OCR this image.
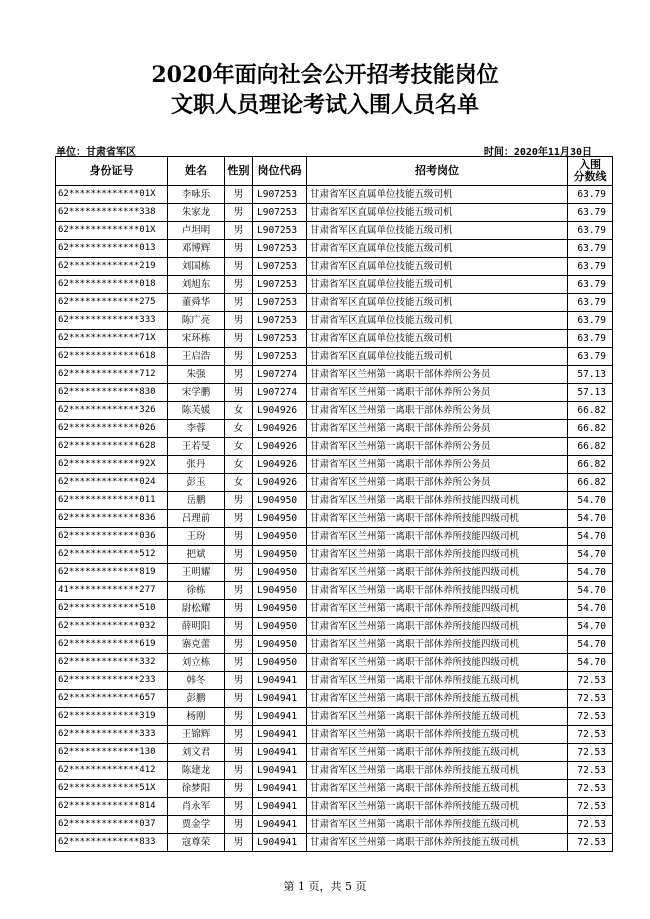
2020年面向社会公开招考技能岗位
文职人员理论考试入围人员名单
单位：甘肃省军区	时间：2020年11月30日
身份证号	姓名	性别	岗位代码	招考岗位	入围
分数线

62*************01X	李咏乐	男	L907253	甘肃省军区直属单位技能五级司机	63.79
62*************338	朱家龙	男	L907253	甘肃省军区直属单位技能五级司机	63.79
62*************01X	卢坦明	男	L907253	甘肃省军区直属单位技能五级司机	63.79
62*************013	邓博辉	男	L907253	甘肃省军区直属单位技能五级司机	63.79
62*************219	刘国栋	男	L907253	甘肃省军区直属单位技能五级司机	63.79
62*************018	刘旭东	男	L907253	甘肃省军区直属单位技能五级司机	63.79
62*************275	董舜华	男	L907253	甘肃省军区直属单位技能五级司机	63.79
62*************333	陈广亮	男	L907253	甘肃省军区直属单位技能五级司机	63.79
62*************71X	宋环栋	男	L907253	甘肃省军区直属单位技能五级司机	63.79
62*************618	王启浩	男	L907253	甘肃省军区直属单位技能五级司机	63.79
62*************712	朱强	男	L907274	甘肃省军区兰州第一离职干部休养所公务员	57.13
62*************830	宋学鹏	男	L907274	甘肃省军区兰州第一离职干部休养所公务员	57.13
62*************326	陈芙媛	女	L904926	甘肃省军区兰州第一离职干部休养所公务员	66.82
62*************026	李蓉	女	L904926	甘肃省军区兰州第一离职干部休养所公务员	66.82
62*************628	王若旻	女	L904926	甘肃省军区兰州第一离职干部休养所公务员	66.82
62*************92X	张丹	女	L904926	甘肃省军区兰州第一离职干部休养所公务员	66.82
62*************024	彭玉	女	L904926	甘肃省军区兰州第一离职干部休养所公务员	66.82
62*************011	岳鹏	男	L904950	甘肃省军区兰州第一离职干部休养所技能四级司机	54.70
62*************836	吕理前	男	L904950	甘肃省军区兰州第一离职干部休养所技能四级司机	54.70
62*************036	王玢	男	L904950	甘肃省军区兰州第一离职干部休养所技能四级司机	54.70
62*************512	把斌	男	L904950	甘肃省军区兰州第一离职干部休养所技能四级司机	54.70
62*************819	王明耀	男	L904950	甘肃省军区兰州第一离职干部休养所技能四级司机	54.70
41*************277	徐栋	男	L904950	甘肃省军区兰州第一离职干部休养所技能四级司机	54.70
62*************510	尉松耀	男	L904950	甘肃省军区兰州第一离职干部休养所技能四级司机	54.70
62*************032	薛明阳	男	L904950	甘肃省军区兰州第一离职干部休养所技能四级司机	54.70
62*************619	寨克蕾	男	L904950	甘肃省军区兰州第一离职干部休养所技能四级司机	54.70
62*************332	刘立栋	男	L904950	甘肃省军区兰州第一离职干部休养所技能四级司机	54.70
62*************233	韩冬	男	L904941	甘肃省军区兰州第一离职干部休养所技能五级司机	72.53
62*************657	彭鹏	男	L904941	甘肃省军区兰州第一离职干部休养所技能五级司机	72.53
62*************319	杨刚	男	L904941	甘肃省军区兰州第一离职干部休养所技能五级司机	72.53
62*************333	王锦辉	男	L904941	甘肃省军区兰州第一离职干部休养所技能五级司机	72.53
62*************130	刘文君	男	L904941	甘肃省军区兰州第一离职干部休养所技能五级司机	72.53
62*************412	陈建龙	男	L904941	甘肃省军区兰州第一离职干部休养所技能五级司机	72.53
62*************51X	徐梦阳	男	L904941	甘肃省军区兰州第一离职干部休养所技能五级司机	72.53
62*************814	肖永军	男	L904941	甘肃省军区兰州第一离职干部休养所技能五级司机	72.53
62*************037	贾金学	男	L904941	甘肃省军区兰州第一离职干部休养所技能五级司机	72.53
62*************833	寇尊荣	男	L904941	甘肃省军区兰州第一离职干部休养所技能五级司机	72.53
第 1 页，共 5 页
